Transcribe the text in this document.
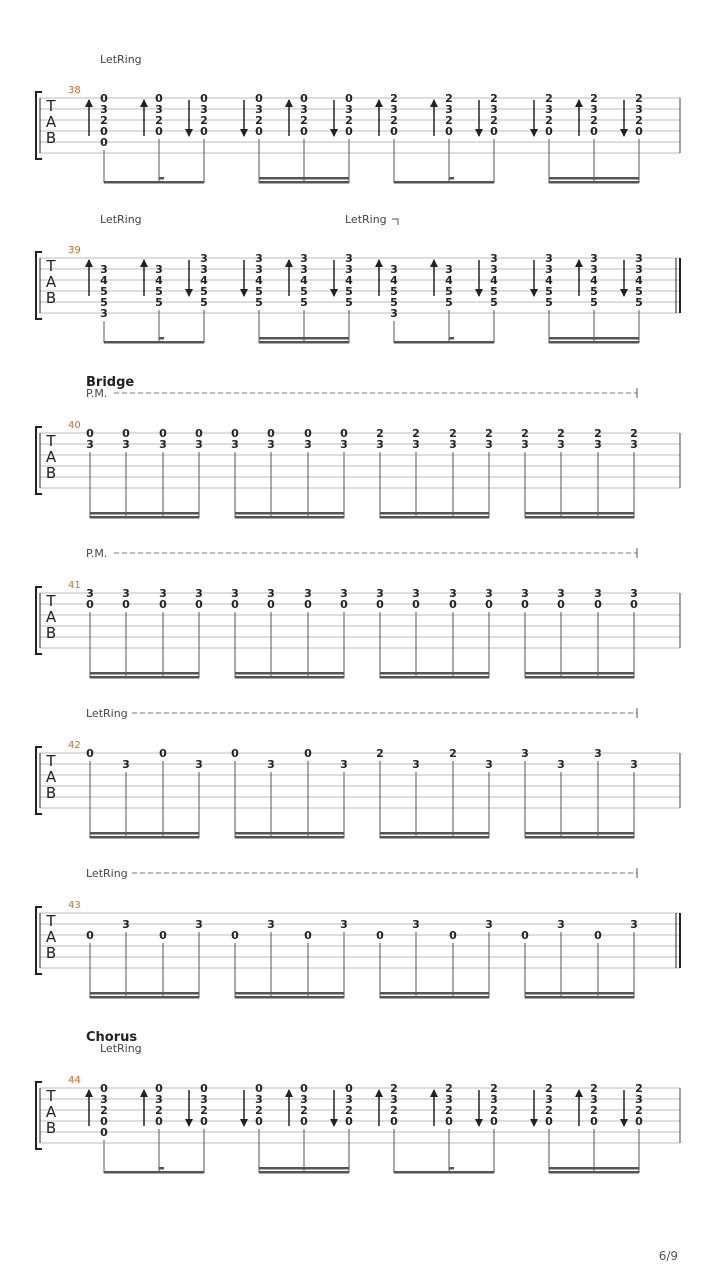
T
A
B
38
LetRing
0
3
2
0
0
0
3
2
0
0
3
2
0
0
3
2
0
0
3
2
0
0
3
2
0
2
3
2
0
2
3
2
0
2
3
2
0
2
3
2
0
2
3
2
0
2
3
2
0
T
A
B
39
LetRing	LetRing
3
4
5
5
3
3
4
5
5
3
3
4
5
5
3
3
4
5
5
3
3
4
5
5
3
3
4
5
5
3
4
5
5
3
3
4
5
5
3
3
4
5
5
3
3
4
5
5
3
3
4
5
5
3
3
4
5
5
T
A
B
40
Bridge
P.M.
0
3
0
3
0
3
0
3
0
3
0
3
0
3
0
3
2
3
2
3
2
3
2
3
2
3
2
3
2
3
2
3
T
A
B
41
P.M.
3
0
3
0
3
0
3
0
3
0
3
0
3
0
3
0
3
0
3
0
3
0
3
0
3
0
3
0
3
0
3
0
T
A
B
42
LetRing
0
3
0
3
0
3
0
3
2
3
2
3
3
3
3
3
T
A
B
43
LetRing
0
3
0
3
0
3
0
3
0
3
0
3
0
3
0
3
T
A
B
44
Chorus
LetRing
0
3
2
0
0
0
3
2
0
0
3
2
0
0
3
2
0
0
3
2
0
0
3
2
0
2
3
2
0
2
3
2
0
2
3
2
0
2
3
2
0
2
3
2
0
2
3
2
0
6/9
